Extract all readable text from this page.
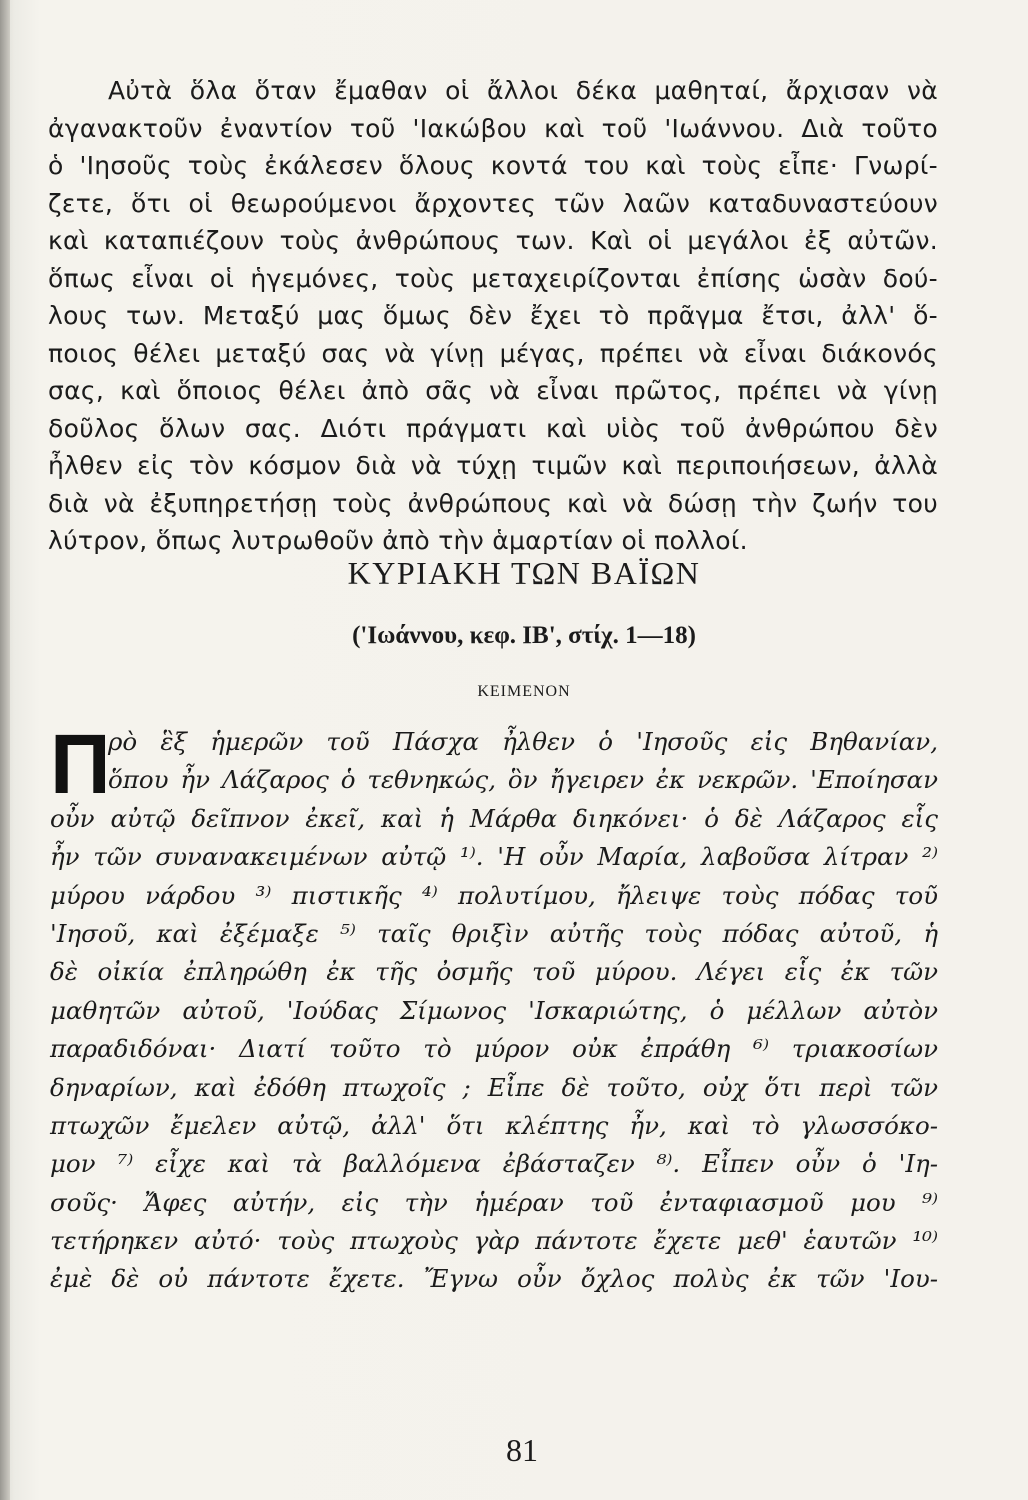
Αὐτὰ ὅλα ὅταν ἔμαθαν οἱ ἄλλοι δέκα μαθηταί, ἄρχισαν νὰ
ἀγανακτοῦν ἐναντίον τοῦ 'Ιακώβου καὶ τοῦ 'Ιωάννου. Διὰ τοῦτο
ὁ 'Ιησοῦς τοὺς ἐκάλεσεν ὅλους κοντά του καὶ τοὺς εἶπε· Γνωρί-
ζετε, ὅτι οἱ θεωρούμενοι ἄρχοντες τῶν λαῶν καταδυναστεύουν
καὶ καταπιέζουν τοὺς ἀνθρώπους των. Καὶ οἱ μεγάλοι ἐξ αὐτῶν.
ὅπως εἶναι οἱ ἡγεμόνες, τοὺς μεταχειρίζονται ἐπίσης ὡσὰν δού-
λους των. Μεταξύ μας ὅμως δὲν ἔχει τὸ πρᾶγμα ἔτσι, ἀλλ' ὅ-
ποιος θέλει μεταξύ σας νὰ γίνῃ μέγας, πρέπει νὰ εἶναι διάκονός
σας, καὶ ὅποιος θέλει ἀπὸ σᾶς νὰ εἶναι πρῶτος, πρέπει νὰ γίνῃ
δοῦλος ὅλων σας. Διότι πράγματι καὶ υἱὸς τοῦ ἀνθρώπου δὲν
ἦλθεν εἰς τὸν κόσμον διὰ νὰ τύχῃ τιμῶν καὶ περιποιήσεων, ἀλλὰ
διὰ νὰ ἐξυπηρετήσῃ τοὺς ἀνθρώπους καὶ νὰ δώσῃ τὴν ζωήν του
λύτρον, ὅπως λυτρωθοῦν ἀπὸ τὴν ἁμαρτίαν οἱ πολλοί.
ΚΥΡΙΑΚΗ ΤΩΝ ΒΑΪΩΝ
('Ιωάννου, κεφ. ΙΒ', στίχ. 1—18)
ΚΕΙΜΕΝΟΝ
Π
ρὸ ἓξ ἡμερῶν τοῦ Πάσχα ἦλθεν ὁ 'Ιησοῦς εἰς Βηθανίαν,
ὅπου ἦν Λάζαρος ὁ τεθνηκώς, ὃν ἤγειρεν ἐκ νεκρῶν. 'Εποίησαν
οὖν αὐτῷ δεῖπνον ἐκεῖ, καὶ ἡ Μάρθα διηκόνει· ὁ δὲ Λάζαρος εἷς
ἦν τῶν συνανακειμένων αὐτῷ ¹⁾. 'Η οὖν Μαρία, λαβοῦσα λίτραν ²⁾
μύρου νάρδου ³⁾ πιστικῆς ⁴⁾ πολυτίμου, ἤλειψε τοὺς πόδας τοῦ
'Ιησοῦ, καὶ ἐξέμαξε ⁵⁾ ταῖς θριξὶν αὐτῆς τοὺς πόδας αὐτοῦ, ἡ
δὲ οἰκία ἐπληρώθη ἐκ τῆς ὀσμῆς τοῦ μύρου. Λέγει εἷς ἐκ τῶν
μαθητῶν αὐτοῦ, 'Ιούδας Σίμωνος 'Ισκαριώτης, ὁ μέλλων αὐτὸν
παραδιδόναι· Διατί τοῦτο τὸ μύρον οὐκ ἐπράθη ⁶⁾ τριακοσίων
δηναρίων, καὶ ἐδόθη πτωχοῖς ; Εἶπε δὲ τοῦτο, οὐχ ὅτι περὶ τῶν
πτωχῶν ἔμελεν αὐτῷ, ἀλλ' ὅτι κλέπτης ἦν, καὶ τὸ γλωσσόκο-
μον ⁷⁾ εἶχε καὶ τὰ βαλλόμενα ἐβάσταζεν ⁸⁾. Εἶπεν οὖν ὁ 'Ιη-
σοῦς· Ἄφες αὐτήν, εἰς τὴν ἡμέραν τοῦ ἐνταφιασμοῦ μου ⁹⁾
τετήρηκεν αὐτό· τοὺς πτωχοὺς γὰρ πάντοτε ἔχετε μεθ' ἑαυτῶν ¹⁰⁾
ἐμὲ δὲ οὐ πάντοτε ἔχετε. Ἔγνω οὖν ὄχλος πολὺς ἐκ τῶν 'Ιου-
81
